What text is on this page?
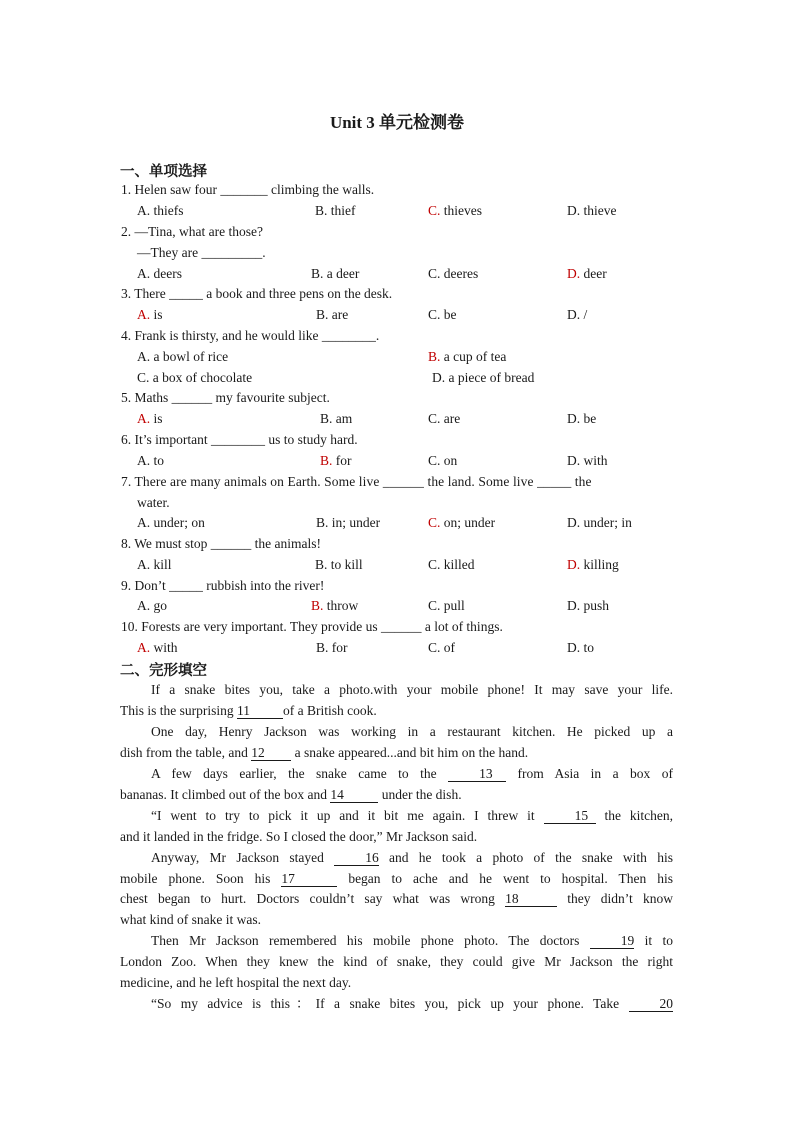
Unit 3 单元检测卷
一、单项选择
1. Helen saw four _______ climbing the walls.
A. thiefs	B. thief	C. thieves	D. thieve
2. —Tina, what are those?
—They are _________.
A. deers	B. a deer	C. deeres	D. deer
3. There _____ a book and three pens on the desk.
A. is	B. are	C. be	D. /
4. Frank is thirsty, and he would like ________.
A. a bowl of rice	B. a cup of tea
C. a box of chocolate	D. a piece of bread
5. Maths ______ my favourite subject.
A. is	B. am	C. are	D. be
6. It’s important ________ us to study hard.
A. to	B. for	C. on	D. with
7. There are many animals on Earth. Some live ______ the land. Some live _____ the
water.
A. under; on	B. in; under	C. on; under	D. under; in
8. We must stop ______ the animals!
A. kill	B. to kill	C. killed	D. killing
9. Don’t _____ rubbish into the river!
A. go	B. throw	C. pull	D. push
10. Forests are very important. They provide us ______ a lot of things.
A. with	B. for	C. of	D. to
二、完形填空
If a snake bites you, take a photo.with your mobile phone! It may save your life.
This is the surprising 11 of a British cook.
One day, Henry Jackson was working in a restaurant kitchen. He picked up a
dish from the table, and 12 a snake appeared...and bit him on the hand.
A few days earlier, the snake came to the 13 from Asia in a box of
bananas. It climbed out of the box and 14	under the dish.
“I went to try to pick it up and it bit me again. I threw it 15 the kitchen,
and it landed in the fridge. So I closed the door,” Mr Jackson said.
Anyway, Mr Jackson stayed 16 and he took a photo of the snake with his
mobile phone. Soon his 17	began to ache and he went to hospital. Then his
chest began to hurt. Doctors couldn’t say what was wrong 18	they didn’t know
what kind of snake it was.
Then Mr Jackson remembered his mobile phone photo. The doctors 19 it to
London Zoo. When they knew the kind of snake, they could give Mr Jackson the right
medicine, and he left hospital the next day.
“So my advice is this：If a snake bites you, pick up your phone. Take 20
